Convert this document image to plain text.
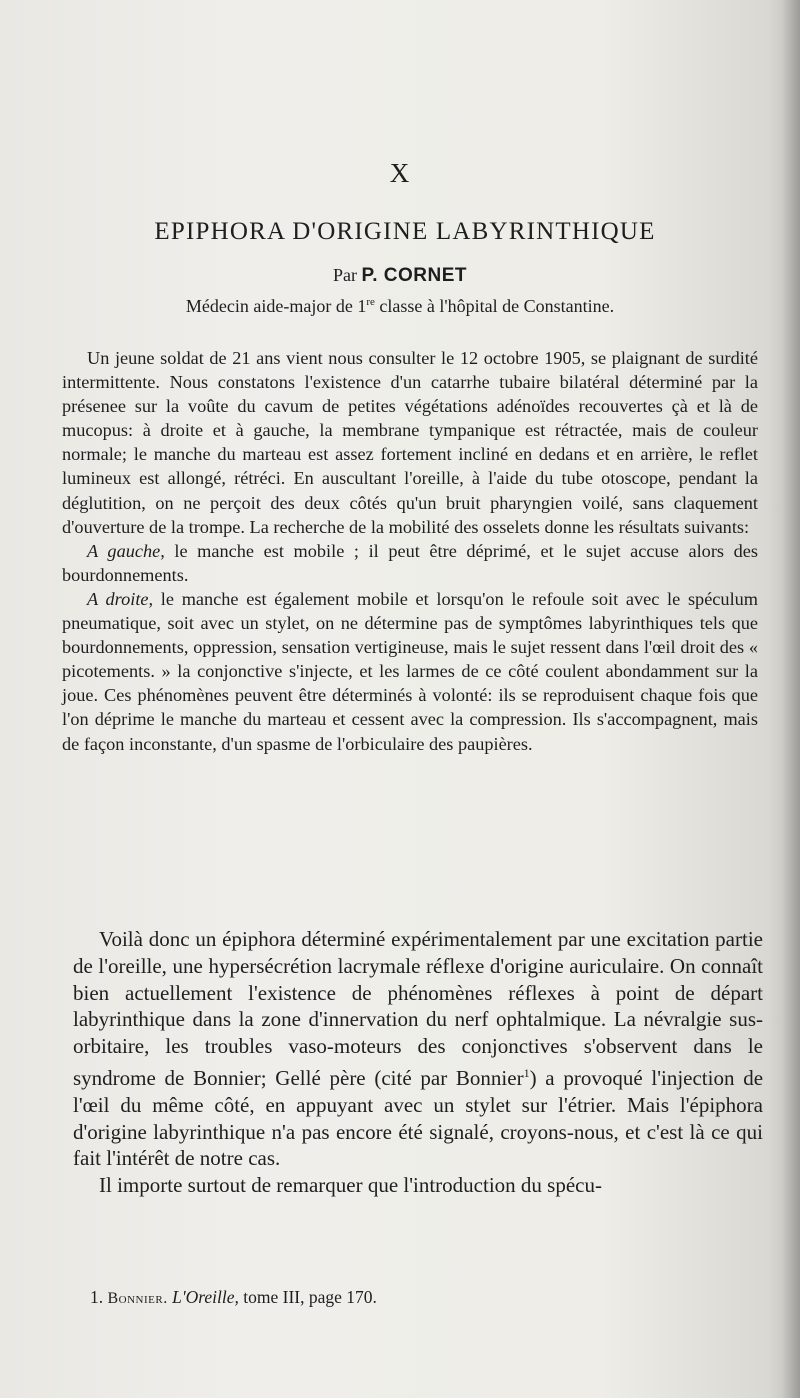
X
EPIPHORA D'ORIGINE LABYRINTHIQUE
Par P. CORNET
Médecin aide-major de 1re classe à l'hôpital de Constantine.

Un jeune soldat de 21 ans vient nous consulter le 12 octobre 1905, se plaignant de surdité intermittente. Nous constatons l'existence d'un catarrhe tubaire bilatéral déterminé par la présenee sur la voûte du cavum de petites végétations adénoïdes recouvertes çà et là de mucopus: à droite et à gauche, la membrane tympanique est rétractée, mais de couleur normale; le manche du marteau est assez fortement incliné en dedans et en arrière, le reflet lumineux est allongé, rétréci. En auscultant l'oreille, à l'aide du tube otoscope, pendant la déglutition, on ne perçoit des deux côtés qu'un bruit pharyngien voilé, sans claquement d'ouverture de la trompe. La recherche de la mobilité des osselets donne les résultats suivants:

A gauche, le manche est mobile ; il peut être déprimé, et le sujet accuse alors des bourdonnements.

A droite, le manche est également mobile et lorsqu'on le refoule soit avec le spéculum pneumatique, soit avec un stylet, on ne détermine pas de symptômes labyrinthiques tels que bourdonnements, oppression, sensation vertigineuse, mais le sujet ressent dans l'œil droit des « picotements. » la conjonctive s'injecte, et les larmes de ce côté coulent abondamment sur la joue. Ces phénomènes peuvent être déterminés à volonté: ils se reproduisent chaque fois que l'on déprime le manche du marteau et cessent avec la compression. Ils s'accompagnent, mais de façon inconstante, d'un spasme de l'orbiculaire des paupières.

Voilà donc un épiphora déterminé expérimentalement par une excitation partie de l'oreille, une hypersécrétion lacrymale réflexe d'origine auriculaire. On connaît bien actuellement l'existence de phénomènes réflexes à point de départ labyrinthique dans la zone d'innervation du nerf ophtalmique. La névralgie sus-orbitaire, les troubles vaso-moteurs des conjonctives s'observent dans le syndrome de Bonnier; Gellé père (cité par Bonnier$^1$) a provoqué l'injection de l'œil du même côté, en appuyant avec un stylet sur l'étrier. Mais l'épiphora d'origine labyrinthique n'a pas encore été signalé, croyons-nous, et c'est là ce qui fait l'intérêt de notre cas.

Il importe surtout de remarquer que l'introduction du spécu-

1. Bonnier. L'Oreille, tome III, page 170.
